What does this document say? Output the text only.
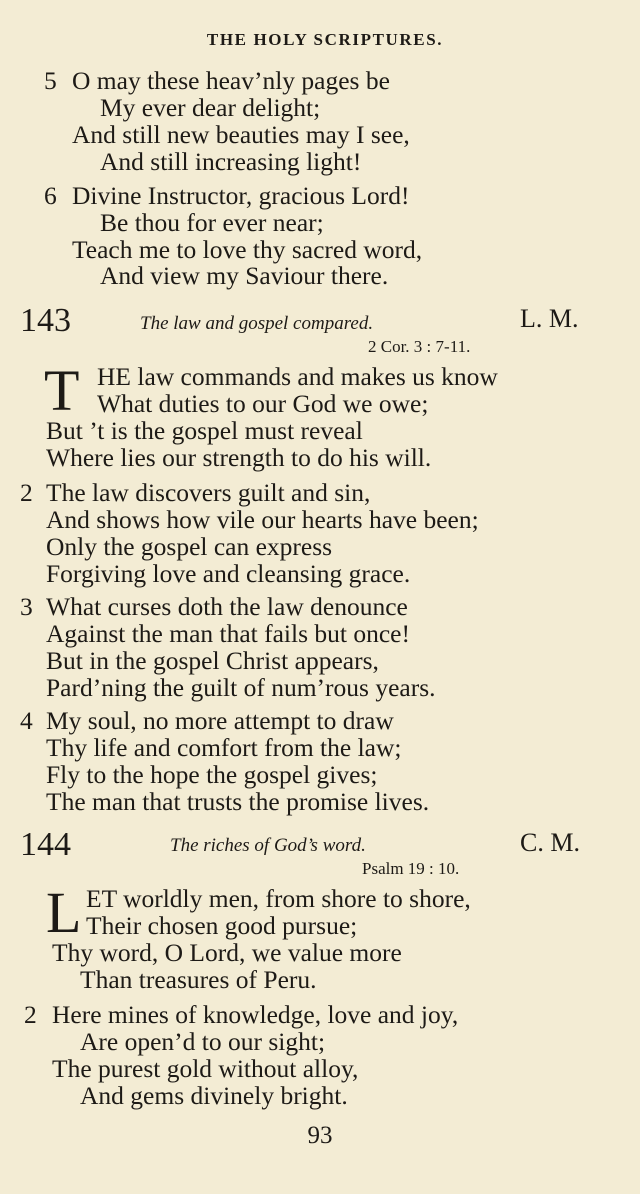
THE HOLY SCRIPTURES.
5 O may these heav’nly pages be
My ever dear delight;
And still new beauties may I see,
And still increasing light!
6 Divine Instructor, gracious Lord!
Be thou for ever near;
Teach me to love thy sacred word,
And view my Saviour there.
143	The law and gospel compared.	L. M.
2 Cor. 3 : 7-11.
T HE law commands and makes us know
What duties to our God we owe;
But ’t is the gospel must reveal
Where lies our strength to do his will.
2 The law discovers guilt and sin,
And shows how vile our hearts have been;
Only the gospel can express
Forgiving love and cleansing grace.
3 What curses doth the law denounce
Against the man that fails but once!
But in the gospel Christ appears,
Pard’ning the guilt of num’rous years.
4 My soul, no more attempt to draw
Thy life and comfort from the law;
Fly to the hope the gospel gives;
The man that trusts the promise lives.
144	The riches of God’s word.	C. M.
Psalm 19 : 10.
L ET worldly men, from shore to shore,
Their chosen good pursue;
Thy word, O Lord, we value more
Than treasures of Peru.
2 Here mines of knowledge, love and joy,
Are open’d to our sight;
The purest gold without alloy,
And gems divinely bright.
93
